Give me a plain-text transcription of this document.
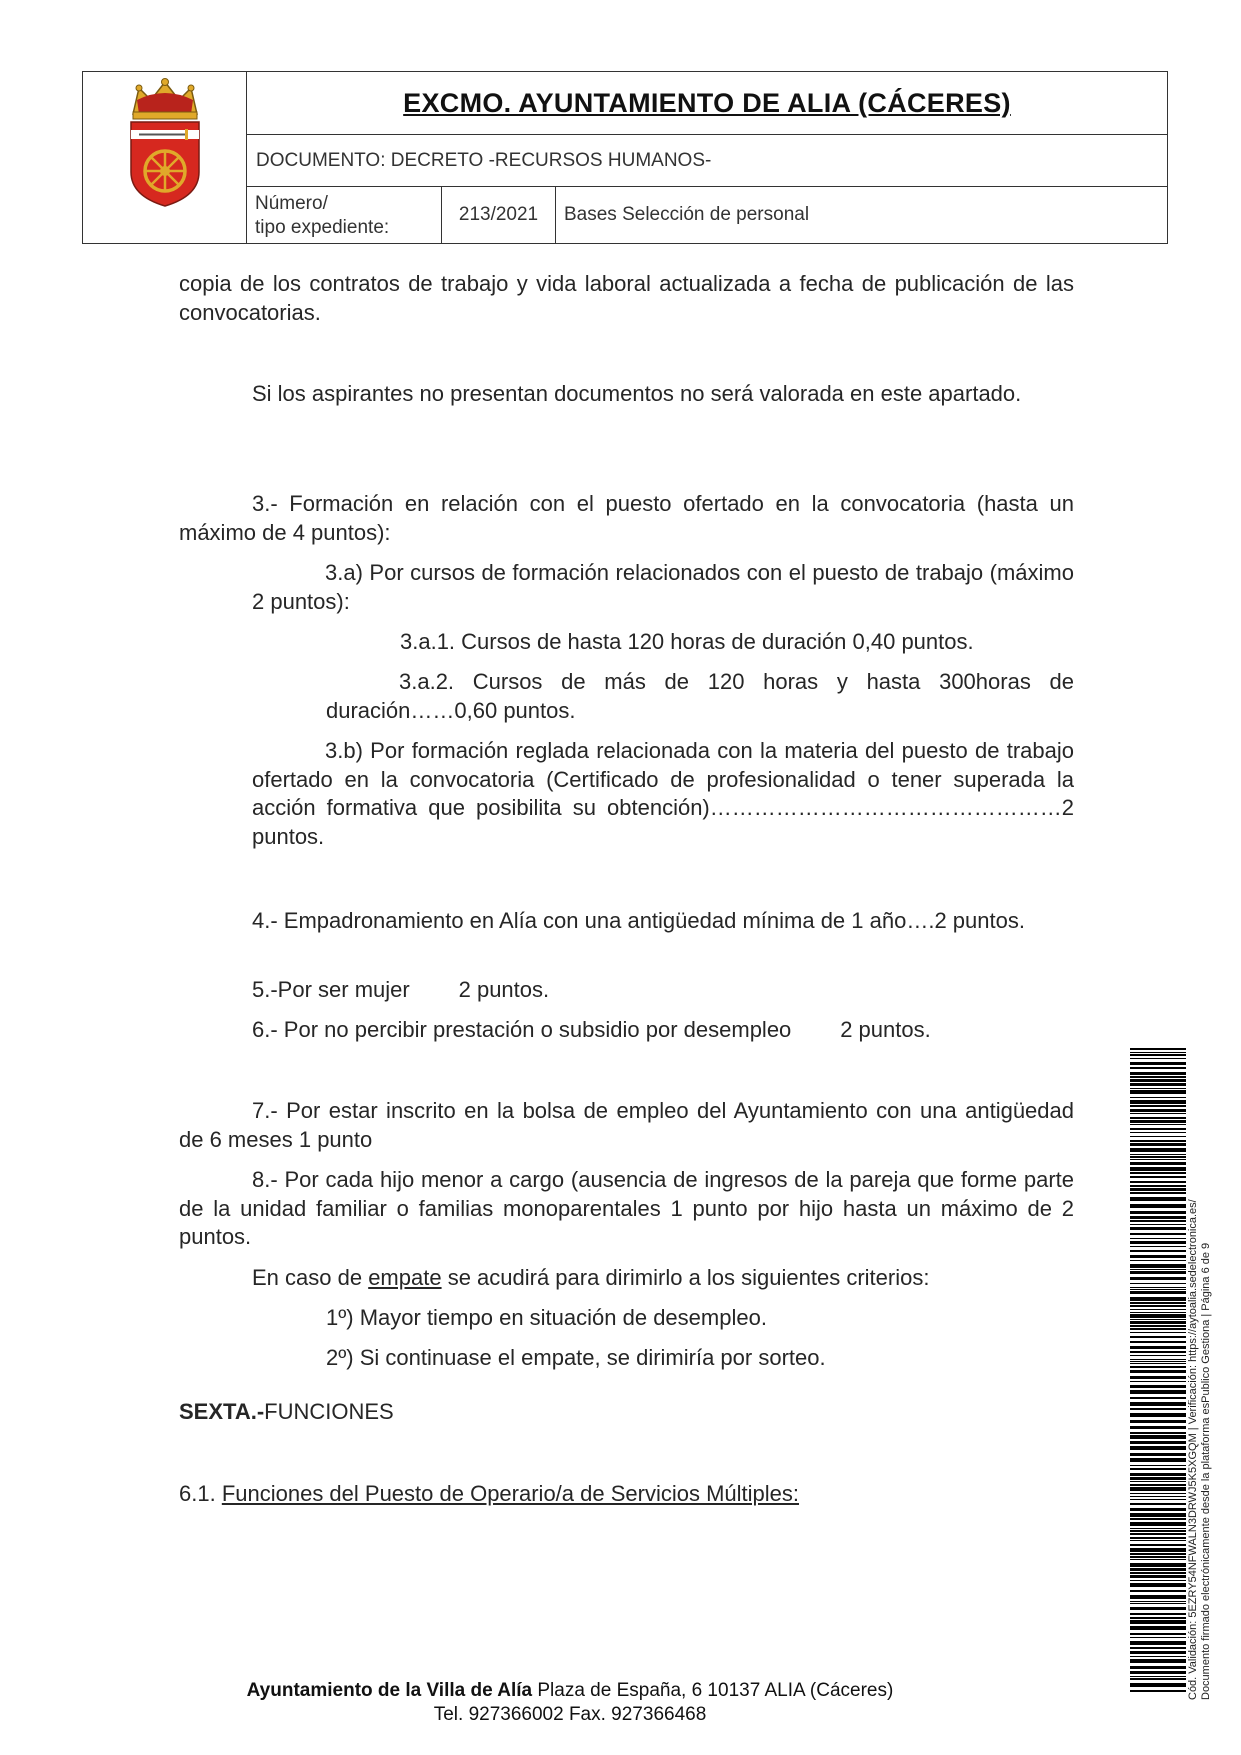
EXCMO. AYUNTAMIENTO DE ALIA (CÁCERES)
DOCUMENTO: DECRETO -RECURSOS HUMANOS-
Número/
tipo expediente:
213/2021	Bases Selección de personal

copia de los contratos de trabajo y vida laboral actualizada a fecha de publicación de las convocatorias.

Si los aspirantes no presentan documentos no será valorada en este apartado.

3.- Formación en relación con el puesto ofertado en la convocatoria (hasta un máximo de 4 puntos):

3.a) Por cursos de formación relacionados con el puesto de trabajo (máximo 2 puntos):

3.a.1. Cursos de hasta 120 horas de duración 0,40 puntos.

3.a.2. Cursos de más de 120 horas y hasta 300horas de duración……0,60 puntos.

3.b) Por formación reglada relacionada con la materia del puesto de trabajo ofertado en la convocatoria (Certificado de profesionalidad o tener superada la acción formativa que posibilita su obtención)…………………………………………2 puntos.

4.- Empadronamiento en Alía con una antigüedad mínima de 1 año….2 puntos.

5.-Por ser mujer        2 puntos.

6.- Por no percibir prestación o subsidio por desempleo        2 puntos.

7.- Por estar inscrito en la bolsa de empleo del Ayuntamiento con una antigüedad de 6 meses 1 punto

8.- Por cada hijo menor a cargo (ausencia de ingresos de la pareja que forme parte de la unidad familiar o familias monoparentales 1 punto por hijo hasta un máximo de 2 puntos.

En caso de empate se acudirá para dirimirlo a los siguientes criterios:

1º) Mayor tiempo en situación de desempleo.

2º) Si continuase el empate, se dirimiría por sorteo.

SEXTA.-FUNCIONES

6.1. Funciones del Puesto de Operario/a de Servicios Múltiples:

Ayuntamiento de la Villa de Alía Plaza de España, 6 10137 ALIA (Cáceres)
Tel. 927366002 Fax. 927366468
Cód. Validación: 5EZRY54NFWALN3DRWJ5K5XGQM | Verificación: https://aytoalia.sedelectronica.es/ Documento firmado electrónicamente desde la plataforma esPublico Gestiona | Página 6 de 9
